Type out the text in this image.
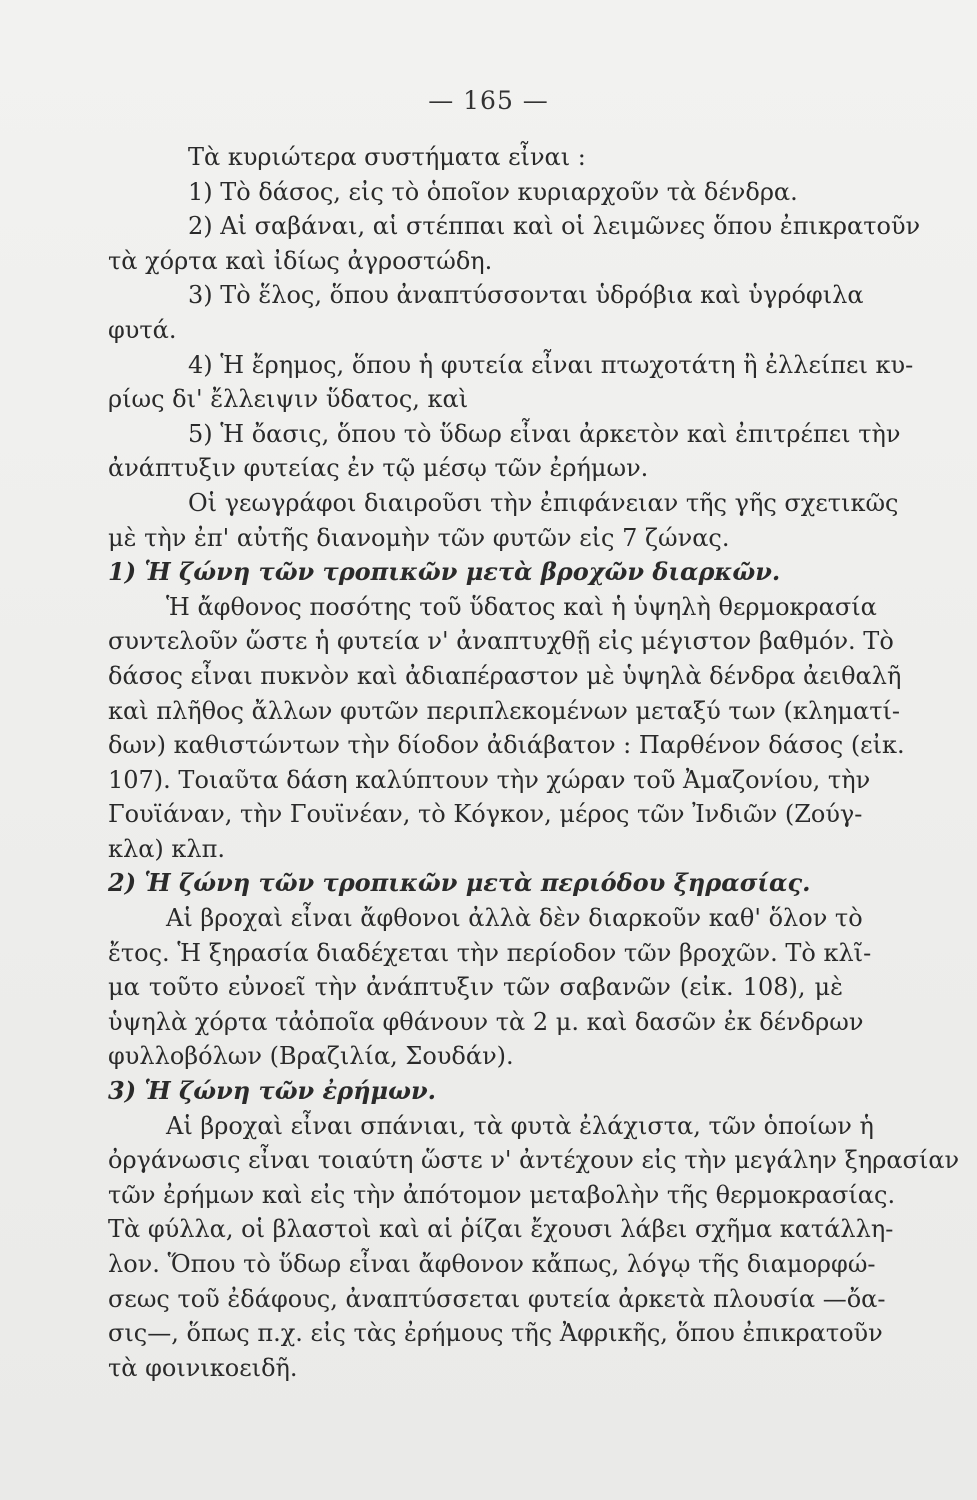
— 165 —
Τὰ κυριώτερα συστήματα εἶναι :
1) Τὸ δάσος, εἰς τὸ ὁποῖον κυριαρχοῦν τὰ δένδρα.
2) Αἱ σαβάναι, αἱ στέππαι καὶ οἱ λειμῶνες ὅπου ἐπικρατοῦν
τὰ χόρτα καὶ ἰδίως ἀγροστώδη.
3) Τὸ ἕλος, ὅπου ἀναπτύσσονται ὑδρόβια καὶ ὑγρόφιλα
φυτά.
4) Ἡ ἔρημος, ὅπου ἡ φυτεία εἶναι πτωχοτάτη ἢ ἐλλείπει κυ-
ρίως δι' ἔλλειψιν ὕδατος, καὶ
5) Ἡ ὄασις, ὅπου τὸ ὕδωρ εἶναι ἀρκετὸν καὶ ἐπιτρέπει τὴν
ἀνάπτυξιν φυτείας ἐν τῷ μέσῳ τῶν ἐρήμων.
Οἱ γεωγράφοι διαιροῦσι τὴν ἐπιφάνειαν τῆς γῆς σχετικῶς
μὲ τὴν ἐπ' αὐτῆς διανομὴν τῶν φυτῶν εἰς 7 ζώνας.
1) Ἡ ζώνη τῶν τροπικῶν μετὰ βροχῶν διαρκῶν.
Ἡ ἄφθονος ποσότης τοῦ ὕδατος καὶ ἡ ὑψηλὴ θερμοκρασία
συντελοῦν ὥστε ἡ φυτεία ν' ἀναπτυχθῇ εἰς μέγιστον βαθμόν. Τὸ
δάσος εἶναι πυκνὸν καὶ ἀδιαπέραστον μὲ ὑψηλὰ δένδρα ἀειθαλῆ
καὶ πλῆθος ἄλλων φυτῶν περιπλεκομένων μεταξύ των (κληματί-
δων) καθιστώντων τὴν δίοδον ἀδιάβατον : Παρθένον δάσος (εἰκ.
107). Τοιαῦτα δάση καλύπτουν τὴν χώραν τοῦ Ἀμαζονίου, τὴν
Γουϊάναν, τὴν Γουϊνέαν, τὸ Κόγκον, μέρος τῶν Ἰνδιῶν (Ζούγ-
κλα) κλπ.
2) Ἡ ζώνη τῶν τροπικῶν μετὰ περιόδου ξηρασίας.
Αἱ βροχαὶ εἶναι ἄφθονοι ἀλλὰ δὲν διαρκοῦν καθ' ὅλον τὸ
ἔτος. Ἡ ξηρασία διαδέχεται τὴν περίοδον τῶν βροχῶν. Τὸ κλῖ-
μα τοῦτο εὐνοεῖ τὴν ἀνάπτυξιν τῶν σαβανῶν (εἰκ. 108), μὲ
ὑψηλὰ χόρτα τἀὁποῖα φθάνουν τὰ 2 μ. καὶ δασῶν ἐκ δένδρων
φυλλοβόλων (Βραζιλία, Σουδάν).
3) Ἡ ζώνη τῶν ἐρήμων.
Αἱ βροχαὶ εἶναι σπάνιαι, τὰ φυτὰ ἐλάχιστα, τῶν ὁποίων ἡ
ὀργάνωσις εἶναι τοιαύτη ὥστε ν' ἀντέχουν εἰς τὴν μεγάλην ξηρασίαν
τῶν ἐρήμων καὶ εἰς τὴν ἀπότομον μεταβολὴν τῆς θερμοκρασίας.
Τὰ φύλλα, οἱ βλαστοὶ καὶ αἱ ῥίζαι ἔχουσι λάβει σχῆμα κατάλλη-
λον. Ὅπου τὸ ὕδωρ εἶναι ἄφθονον κἄπως, λόγῳ τῆς διαμορφώ-
σεως τοῦ ἐδάφους, ἀναπτύσσεται φυτεία ἀρκετὰ πλουσία —ὄα-
σις—, ὅπως π.χ. εἰς τὰς ἐρήμους τῆς Ἀφρικῆς, ὅπου ἐπικρατοῦν
τὰ φοινικοειδῆ.
